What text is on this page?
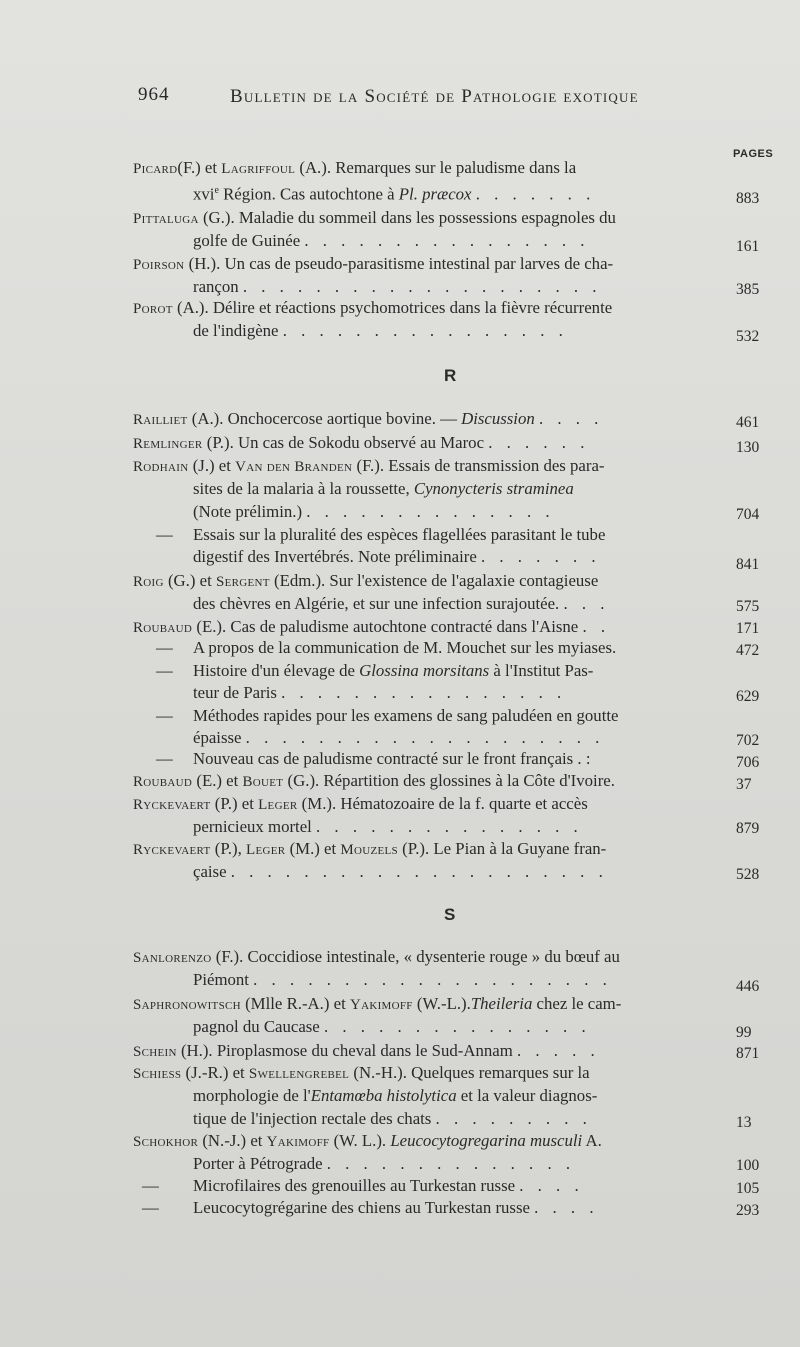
964	Bulletin de la Société de Pathologie exotique
PAGES
Picard(F.) et Lagriffoul (A.). Remarques sur le paludisme dans la
xvi$^e$ Région. Cas autochtone à Pl. præcox . . . . . . .	883
Pittaluga (G.). Maladie du sommeil dans les possessions espagnoles du
golfe de Guinée . . . . . . . . . . . . . . . .	161
Poirson (H.). Un cas de pseudo-parasitisme intestinal par larves de cha-
rançon . . . . . . . . . . . . . . . . . . . .	385
Porot (A.). Délire et réactions psychomotrices dans la fièvre récurrente
de l'indigène . . . . . . . . . . . . . . . .	532
R
Railliet (A.). Onchocercose aortique bovine. — Discussion . . . .	461
Remlinger (P.). Un cas de Sokodu observé au Maroc . . . . . .	130
Rodhain (J.) et Van den Branden (F.). Essais de transmission des para-
sites de la malaria à la roussette, Cynonycteris straminea
(Note prélimin.) . . . . . . . . . . . . . .	704
— Essais sur la pluralité des espèces flagellées parasitant le tube
digestif des Invertébrés. Note préliminaire . . . . . . .	841
Roig (G.) et Sergent (Edm.). Sur l'existence de l'agalaxie contagieuse
des chèvres en Algérie, et sur une infection surajoutée. . . .	575
Roubaud (E.). Cas de paludisme autochtone contracté dans l'Aisne . .	171
— A propos de la communication de M. Mouchet sur les myiases.	472
— Histoire d'un élevage de Glossina morsitans à l'Institut Pas-
teur de Paris . . . . . . . . . . . . . . . .	629
— Méthodes rapides pour les examens de sang paludéen en goutte
épaisse . . . . . . . . . . . . . . . . . . . .	702
— Nouveau cas de paludisme contracté sur le front français . :	706
Roubaud (E.) et Bouet (G.). Répartition des glossines à la Côte d'Ivoire.	37
Ryckevaert (P.) et Leger (M.). Hématozoaire de la f. quarte et accès
pernicieux mortel . . . . . . . . . . . . . . .	879
Ryckevaert (P.), Leger (M.) et Mouzels (P.). Le Pian à la Guyane fran-
çaise . . . . . . . . . . . . . . . . . . . . .	528
S
Sanlorenzo (F.). Coccidiose intestinale, « dysenterie rouge » du bœuf au
Piémont . . . . . . . . . . . . . . . . . . . .	446
Saphronowitsch (Mlle R.-A.) et Yakimoff (W.-L.).Theileria chez le cam-
pagnol du Caucase . . . . . . . . . . . . . . .	99
Schein (H.). Piroplasmose du cheval dans le Sud-Annam . . . . .	871
Schiess (J.-R.) et Swellengrebel (N.-H.). Quelques remarques sur la
morphologie de l'Entamœba histolytica et la valeur diagnos-
tique de l'injection rectale des chats . . . . . . . . .	13
Schokhor (N.-J.) et Yakimoff (W. L.). Leucocytogregarina musculi A.
Porter à Pétrograde . . . . . . . . . . . . . .	100
— Microfilaires des grenouilles au Turkestan russe . . . .	105
— Leucocytogrégarine des chiens au Turkestan russe . . . .	293
